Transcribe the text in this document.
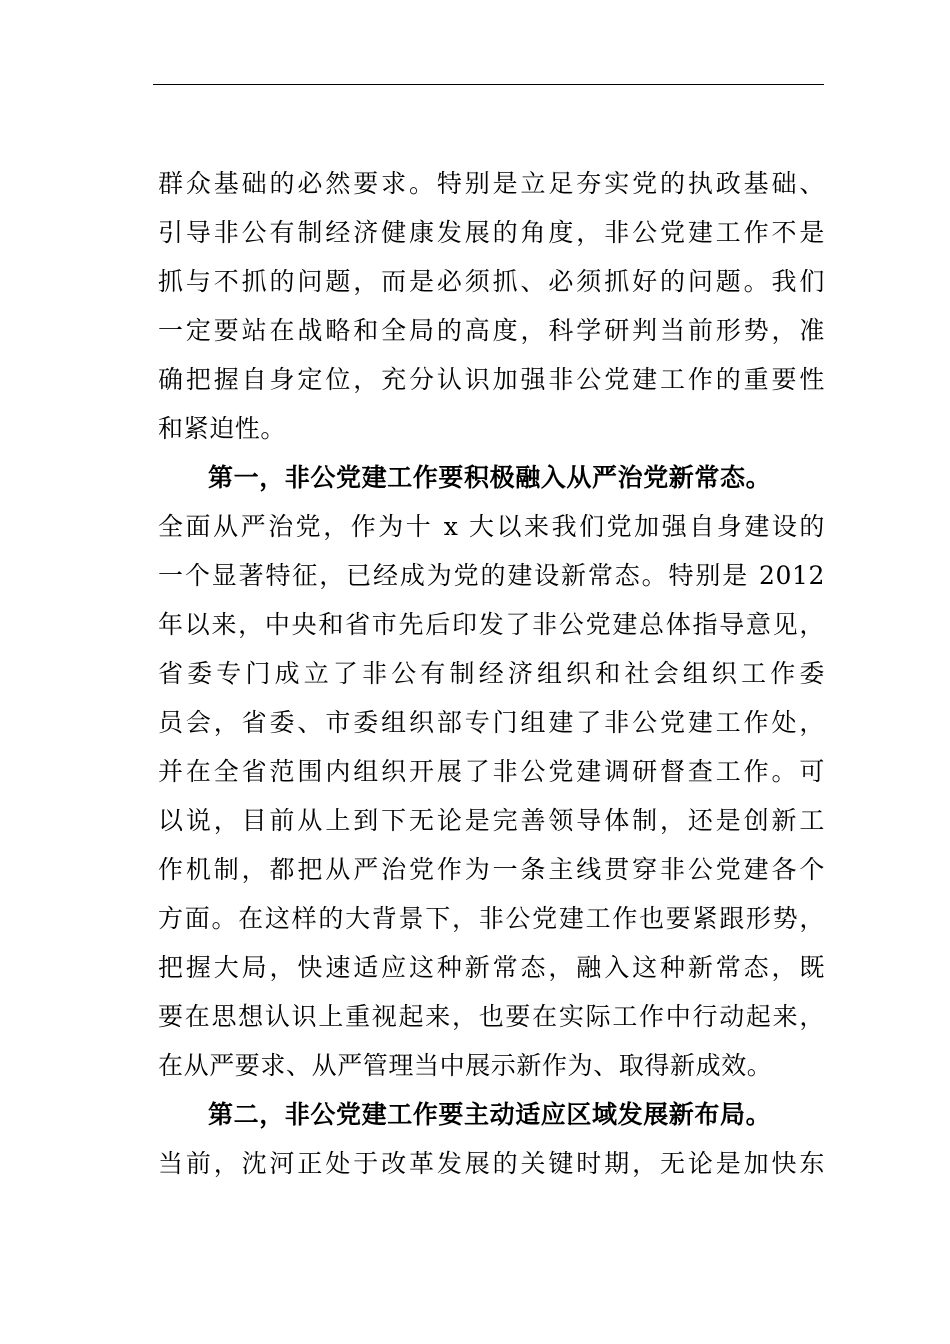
群众基础的必然要求。特别是立足夯实党的执政基础、
引导非公有制经济健康发展的角度，非公党建工作不是
抓与不抓的问题，而是必须抓、必须抓好的问题。我们
一定要站在战略和全局的高度，科学研判当前形势，准
确把握自身定位，充分认识加强非公党建工作的重要性
和紧迫性。
第一，非公党建工作要积极融入从严治党新常态。
全面从严治党，作为十 x 大以来我们党加强自身建设的
一个显著特征，已经成为党的建设新常态。特别是 2012
年以来，中央和省市先后印发了非公党建总体指导意见，
省委专门成立了非公有制经济组织和社会组织工作委
员会，省委、市委组织部专门组建了非公党建工作处，
并在全省范围内组织开展了非公党建调研督查工作。可
以说，目前从上到下无论是完善领导体制，还是创新工
作机制，都把从严治党作为一条主线贯穿非公党建各个
方面。在这样的大背景下，非公党建工作也要紧跟形势，
把握大局，快速适应这种新常态，融入这种新常态，既
要在思想认识上重视起来，也要在实际工作中行动起来，
在从严要求、从严管理当中展示新作为、取得新成效。
第二，非公党建工作要主动适应区域发展新布局。
当前，沈河正处于改革发展的关键时期，无论是加快东
